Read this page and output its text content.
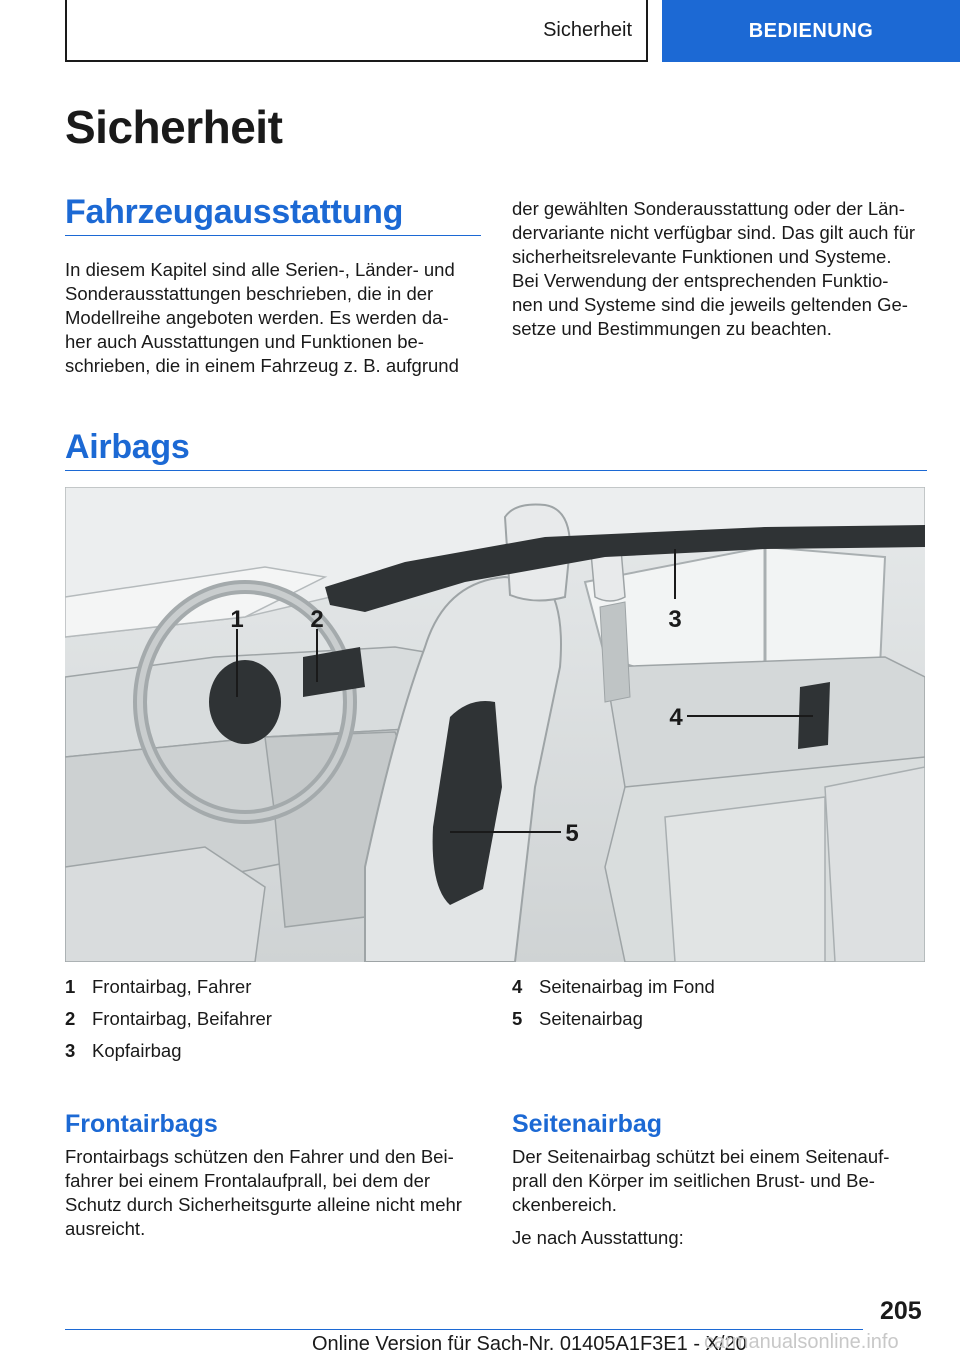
Sicherheit	BEDIENUNG
Sicherheit
Fahrzeugausstattung

In diesem Kapitel sind alle Serien-, Länder- und

Sonderausstattungen beschrieben, die in der

Modellreihe angeboten werden. Es werden da-

her auch Ausstattungen und Funktionen be-

schrieben, die in einem Fahrzeug z. B. aufgrund

der gewählten Sonderausstattung oder der Län-

dervariante nicht verfügbar sind. Das gilt auch für

sicherheitsrelevante Funktionen und Systeme.

Bei Verwendung der entsprechenden Funktio-

nen und Systeme sind die jeweils geltenden Ge-

setze und Bestimmungen zu beachten.

Airbags
1	2	3
4
5
1 Frontairbag, Fahrer
2 Frontairbag, Beifahrer
3 Kopfairbag
4 Seitenairbag im Fond
5 Seitenairbag
Frontairbags

Frontairbags schützen den Fahrer und den Bei-

fahrer bei einem Frontalaufprall, bei dem der

Schutz durch Sicherheitsgurte alleine nicht mehr

ausreicht.

Seitenairbag

Der Seitenairbag schützt bei einem Seitenauf-

prall den Körper im seitlichen Brust- und Be-

ckenbereich.

Je nach Ausstattung:

205
Online Version für Sach-Nr. 01405A1F3E1 - X/20
carmanualsonline.info
